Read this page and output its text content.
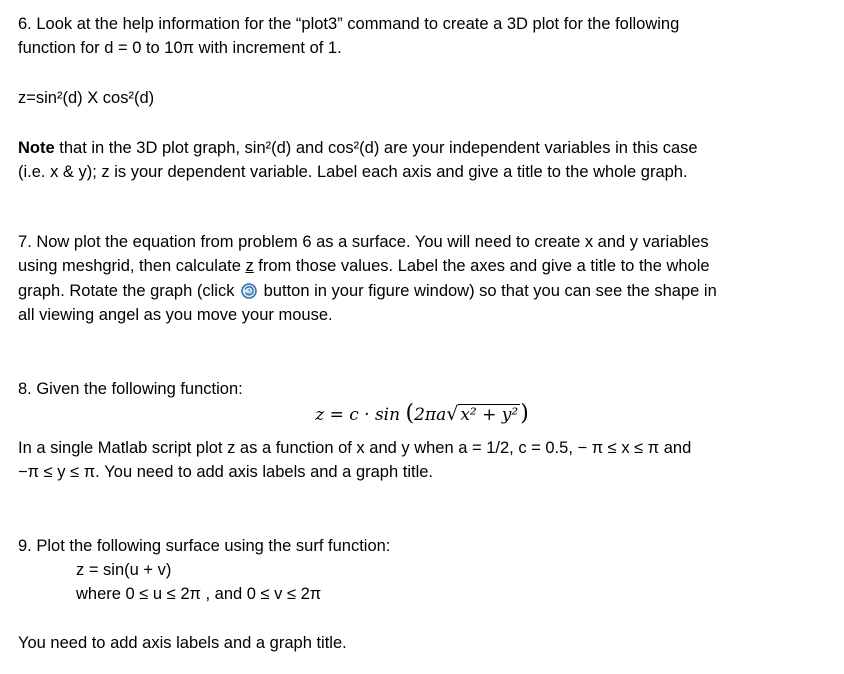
6. Look at the help information for the “plot3” command to create a 3D plot for the following
function for d = 0 to 10π with increment of 1.
z=sin²(d) X cos²(d)
Note that in the 3D plot graph, sin²(d) and cos²(d) are your independent variables in this case
(i.e. x & y); z is your dependent variable. Label each axis and give a title to the whole graph.
7. Now plot the equation from problem 6 as a surface. You will need to create x and y variables
using meshgrid, then calculate z from those values. Label the axes and give a title to the whole
graph. Rotate the graph (click 3 button in your figure window) so that you can see the shape in
all viewing angel as you move your mouse.
8. Given the following function:
z = c · sin (2πa√ x² + y²)
In a single Matlab script plot z as a function of x and y when a = 1/2, c = 0.5, − π ≤ x ≤ π and
−π ≤ y ≤ π. You need to add axis labels and a graph title.
9. Plot the following surface using the surf function:
z = sin(u + v)
where 0 ≤ u ≤ 2π , and 0 ≤ v ≤ 2π
You need to add axis labels and a graph title.
